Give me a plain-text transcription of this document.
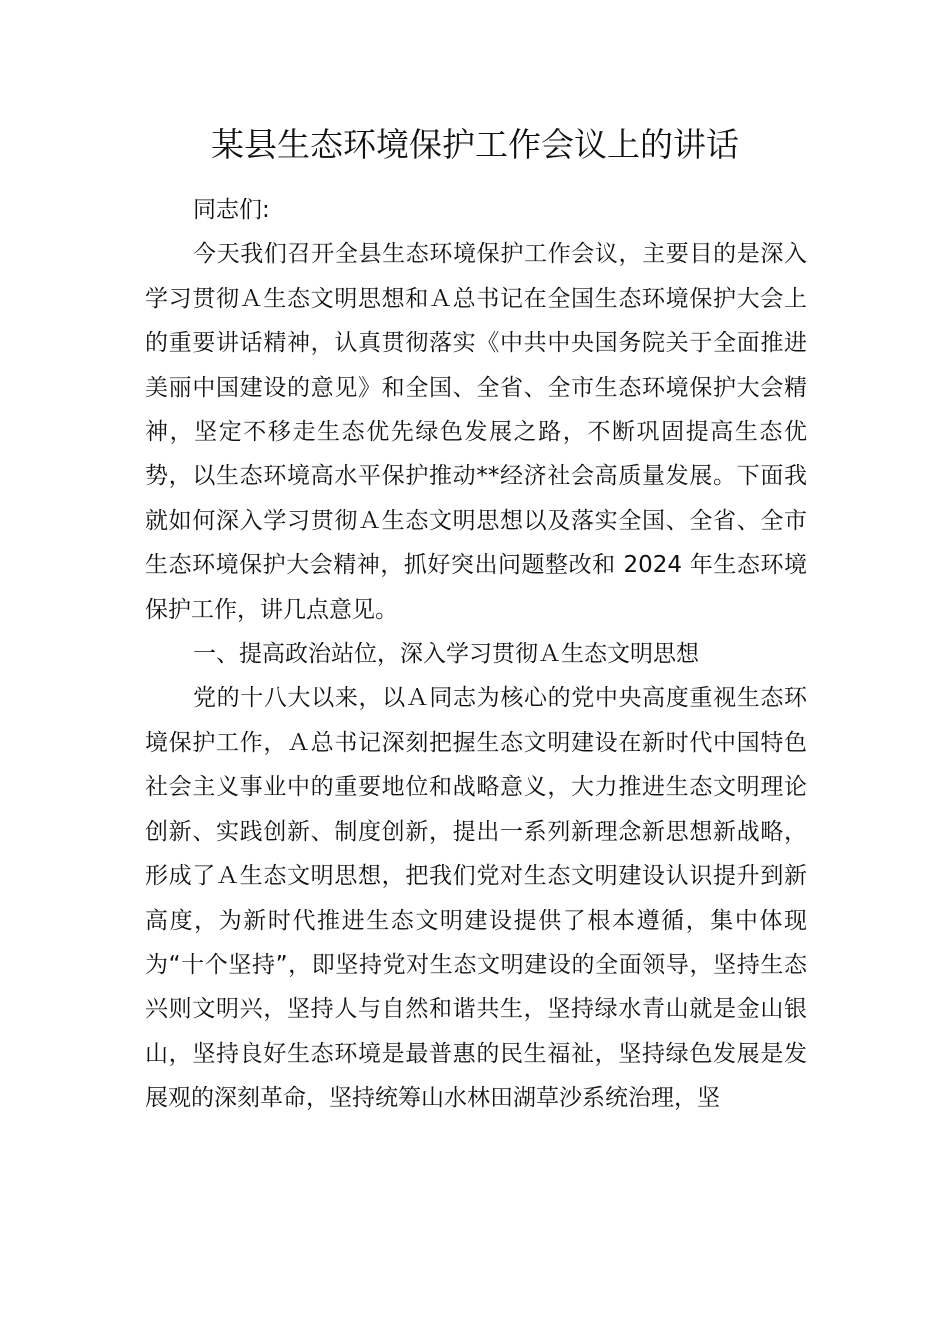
某县生态环境保护工作会议上的讲话

同志们:

今天我们召开全县生态环境保护工作会议，主要目的是深入学习贯彻Ａ生态文明思想和Ａ总书记在全国生态环境保护大会上的重要讲话精神，认真贯彻落实《中共中央国务院关于全面推进美丽中国建设的意见》和全国、全省、全市生态环境保护大会精神，坚定不移走生态优先绿色发展之路，不断巩固提高生态优势，以生态环境高水平保护推动**经济社会高质量发展。下面我就如何深入学习贯彻Ａ生态文明思想以及落实全国、全省、全市生态环境保护大会精神，抓好突出问题整改和 2024 年生态环境保护工作，讲几点意见。

一、提高政治站位，深入学习贯彻Ａ生态文明思想

党的十八大以来，以Ａ同志为核心的党中央高度重视生态环境保护工作，Ａ总书记深刻把握生态文明建设在新时代中国特色社会主义事业中的重要地位和战略意义，大力推进生态文明理论创新、实践创新、制度创新，提出一系列新理念新思想新战略，形成了Ａ生态文明思想，把我们党对生态文明建设认识提升到新高度，为新时代推进生态文明建设提供了根本遵循，集中体现为“十个坚持”，即坚持党对生态文明建设的全面领导，坚持生态兴则文明兴，坚持人与自然和谐共生，坚持绿水青山就是金山银山，坚持良好生态环境是最普惠的民生福祉，坚持绿色发展是发展观的深刻革命，坚持统筹山水林田湖草沙系统治理，坚
